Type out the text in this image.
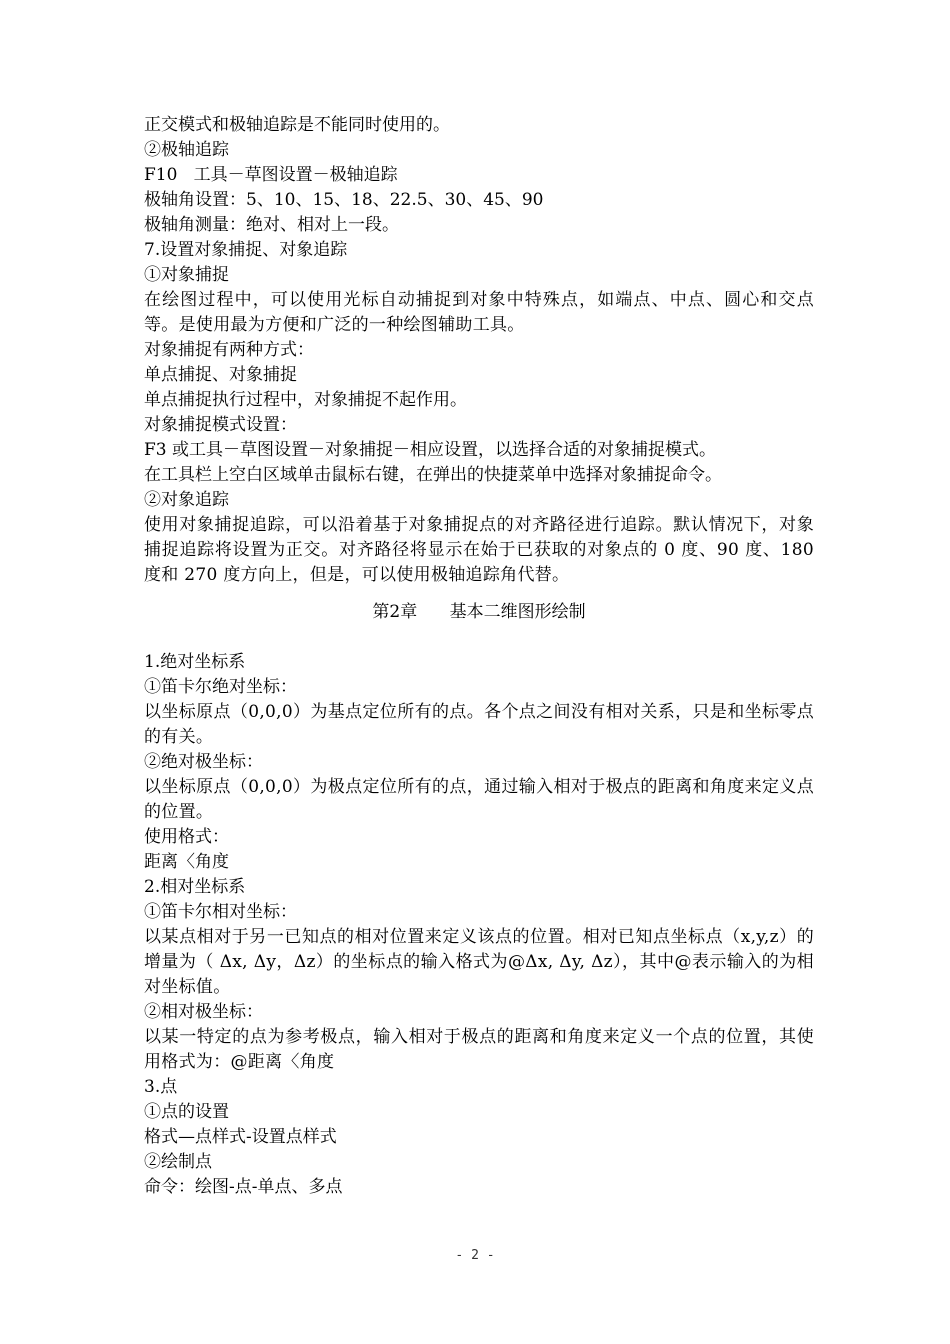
正交模式和极轴追踪是不能同时使用的。
②极轴追踪
F10   工具－草图设置－极轴追踪
极轴角设置：5、10、15、18、22.5、30、45、90
极轴角测量：绝对、相对上一段。
7.设置对象捕捉、对象追踪
①对象捕捉
在绘图过程中，可以使用光标自动捕捉到对象中特殊点，如端点、中点、圆心和交点等。是使用最为方便和广泛的一种绘图辅助工具。
对象捕捉有两种方式：
单点捕捉、对象捕捉
单点捕捉执行过程中，对象捕捉不起作用。
对象捕捉模式设置：
F3 或工具－草图设置－对象捕捉－相应设置，以选择合适的对象捕捉模式。
在工具栏上空白区域单击鼠标右键，在弹出的快捷菜单中选择对象捕捉命令。
②对象追踪
使用对象捕捉追踪，可以沿着基于对象捕捉点的对齐路径进行追踪。默认情况下，对象捕捉追踪将设置为正交。对齐路径将显示在始于已获取的对象点的 0 度、90 度、180 度和 270 度方向上，但是，可以使用极轴追踪角代替。
第2章      基本二维图形绘制
1.绝对坐标系
①笛卡尔绝对坐标：
以坐标原点（0,0,0）为基点定位所有的点。各个点之间没有相对关系，只是和坐标零点的有关。
②绝对极坐标：
以坐标原点（0,0,0）为极点定位所有的点，通过输入相对于极点的距离和角度来定义点的位置。
使用格式：
距离〈角度
2.相对坐标系
①笛卡尔相对坐标：
以某点相对于另一已知点的相对位置来定义该点的位置。相对已知点坐标点（x,y,z）的增量为（ Δx, Δy，Δz）的坐标点的输入格式为@Δx, Δy, Δz），其中@表示输入的为相对坐标值。
②相对极坐标：
以某一特定的点为参考极点，输入相对于极点的距离和角度来定义一个点的位置，其使用格式为：@距离〈角度
3.点
①点的设置
格式—点样式-设置点样式
②绘制点
命令：绘图-点-单点、多点
- 2 -
